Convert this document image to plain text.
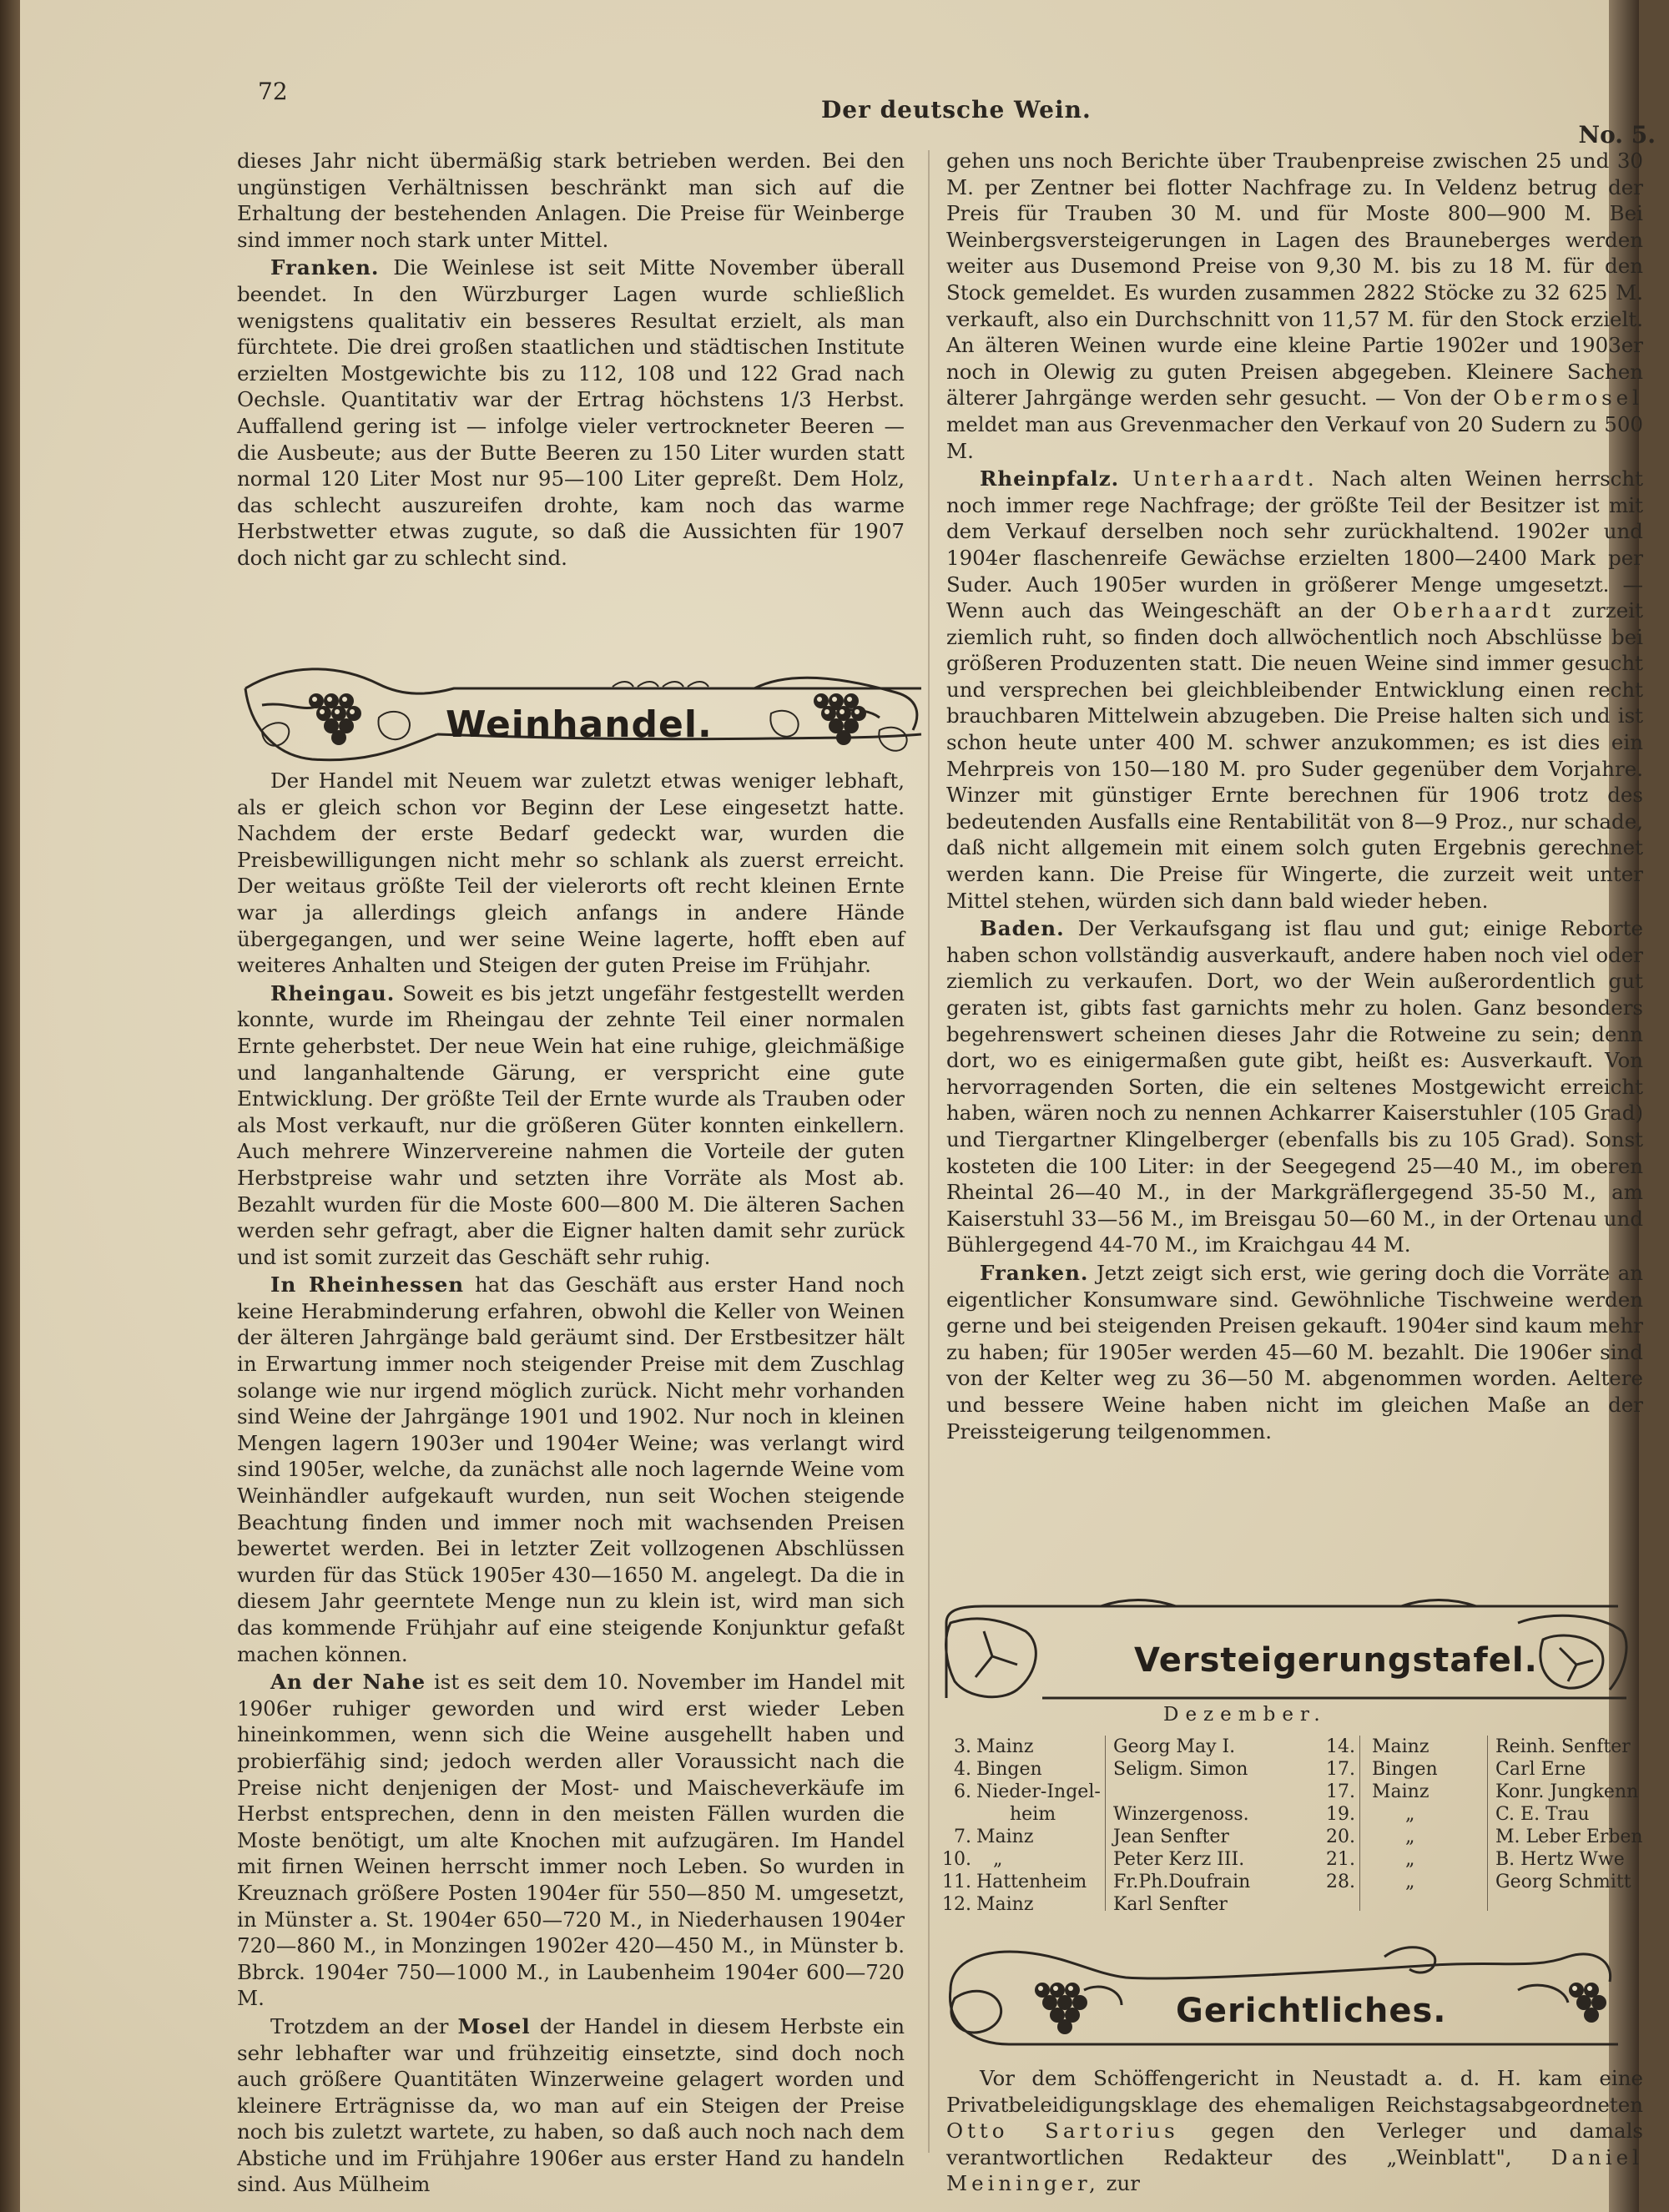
72
Der deutsche Wein.
No. 5.

dieses Jahr nicht übermäßig stark betrieben werden. Bei den ungünstigen Verhältnissen beschränkt man sich auf die Erhaltung der bestehenden Anlagen. Die Preise für Weinberge sind immer noch stark unter Mittel.

Franken. Die Weinlese ist seit Mitte November überall beendet. In den Würzburger Lagen wurde schließlich wenigstens qualitativ ein besseres Resultat erzielt, als man fürchtete. Die drei großen staatlichen und städtischen Institute erzielten Mostgewichte bis zu 112, 108 und 122 Grad nach Oechsle. Quantitativ war der Ertrag höchstens 1/3 Herbst. Auffallend gering ist — infolge vieler vertrockneter Beeren — die Ausbeute; aus der Butte Beeren zu 150 Liter wurden statt normal 120 Liter Most nur 95—100 Liter gepreßt. Dem Holz, das schlecht auszureifen drohte, kam noch das warme Herbstwetter etwas zugute, so daß die Aussichten für 1907 doch nicht gar zu schlecht sind.

Weinhandel.

Der Handel mit Neuem war zuletzt etwas weniger lebhaft, als er gleich schon vor Beginn der Lese eingesetzt hatte. Nachdem der erste Bedarf gedeckt war, wurden die Preisbewilligungen nicht mehr so schlank als zuerst erreicht. Der weitaus größte Teil der vielerorts oft recht kleinen Ernte war ja allerdings gleich anfangs in andere Hände übergegangen, und wer seine Weine lagerte, hofft eben auf weiteres Anhalten und Steigen der guten Preise im Frühjahr.

Rheingau. Soweit es bis jetzt ungefähr festgestellt werden konnte, wurde im Rheingau der zehnte Teil einer normalen Ernte geherbstet. Der neue Wein hat eine ruhige, gleichmäßige und langanhaltende Gärung, er verspricht eine gute Entwicklung. Der größte Teil der Ernte wurde als Trauben oder als Most verkauft, nur die größeren Güter konnten einkellern. Auch mehrere Winzervereine nahmen die Vorteile der guten Herbstpreise wahr und setzten ihre Vorräte als Most ab. Bezahlt wurden für die Moste 600—800 M. Die älteren Sachen werden sehr gefragt, aber die Eigner halten damit sehr zurück und ist somit zurzeit das Geschäft sehr ruhig.

In Rheinhessen hat das Geschäft aus erster Hand noch keine Herabminderung erfahren, obwohl die Keller von Weinen der älteren Jahrgänge bald geräumt sind. Der Erstbesitzer hält in Erwartung immer noch steigender Preise mit dem Zuschlag solange wie nur irgend möglich zurück. Nicht mehr vorhanden sind Weine der Jahrgänge 1901 und 1902. Nur noch in kleinen Mengen lagern 1903er und 1904er Weine; was verlangt wird sind 1905er, welche, da zunächst alle noch lagernde Weine vom Weinhändler aufgekauft wurden, nun seit Wochen steigende Beachtung finden und immer noch mit wachsenden Preisen bewertet werden. Bei in letzter Zeit vollzogenen Abschlüssen wurden für das Stück 1905er 430—1650 M. angelegt. Da die in diesem Jahr geerntete Menge nun zu klein ist, wird man sich das kommende Frühjahr auf eine steigende Konjunktur gefaßt machen können.

An der Nahe ist es seit dem 10. November im Handel mit 1906er ruhiger geworden und wird erst wieder Leben hineinkommen, wenn sich die Weine ausgehellt haben und probierfähig sind; jedoch werden aller Voraussicht nach die Preise nicht denjenigen der Most- und Maischeverkäufe im Herbst entsprechen, denn in den meisten Fällen wurden die Moste benötigt, um alte Knochen mit aufzugären. Im Handel mit firnen Weinen herrscht immer noch Leben. So wurden in Kreuznach größere Posten 1904er für 550—850 M. umgesetzt, in Münster a. St. 1904er 650—720 M., in Niederhausen 1904er 720—860 M., in Monzingen 1902er 420—450 M., in Münster b. Bbrck. 1904er 750—1000 M., in Laubenheim 1904er 600—720 M.

Trotzdem an der Mosel der Handel in diesem Herbste ein sehr lebhafter war und frühzeitig einsetzte, sind doch noch auch größere Quantitäten Winzerweine gelagert worden und kleinere Erträgnisse da, wo man auf ein Steigen der Preise noch bis zuletzt wartete, zu haben, so daß auch noch nach dem Abstiche und im Frühjahre 1906er aus erster Hand zu handeln sind. Aus Mülheim

gehen uns noch Berichte über Traubenpreise zwischen 25 und 30 M. per Zentner bei flotter Nachfrage zu. In Veldenz betrug der Preis für Trauben 30 M. und für Moste 800—900 M. Bei Weinbergsversteigerungen in Lagen des Brauneberges werden weiter aus Dusemond Preise von 9,30 M. bis zu 18 M. für den Stock gemeldet. Es wurden zusammen 2822 Stöcke zu 32 625 M. verkauft, also ein Durchschnitt von 11,57 M. für den Stock erzielt. An älteren Weinen wurde eine kleine Partie 1902er und 1903er noch in Olewig zu guten Preisen abgegeben. Kleinere Sachen älterer Jahrgänge werden sehr gesucht. — Von der Obermosel meldet man aus Grevenmacher den Verkauf von 20 Sudern zu 500 M.

Rheinpfalz. Unterhaardt. Nach alten Weinen herrscht noch immer rege Nachfrage; der größte Teil der Besitzer ist mit dem Verkauf derselben noch sehr zurückhaltend. 1902er und 1904er flaschenreife Gewächse erzielten 1800—2400 Mark per Suder. Auch 1905er wurden in größerer Menge umgesetzt. — Wenn auch das Weingeschäft an der Oberhaardt zurzeit ziemlich ruht, so finden doch allwöchentlich noch Abschlüsse bei größeren Produzenten statt. Die neuen Weine sind immer gesucht und versprechen bei gleichbleibender Entwicklung einen recht brauchbaren Mittelwein abzugeben. Die Preise halten sich und ist schon heute unter 400 M. schwer anzukommen; es ist dies ein Mehrpreis von 150—180 M. pro Suder gegenüber dem Vorjahre. Winzer mit günstiger Ernte berechnen für 1906 trotz des bedeutenden Ausfalls eine Rentabilität von 8—9 Proz., nur schade, daß nicht allgemein mit einem solch guten Ergebnis gerechnet werden kann. Die Preise für Wingerte, die zurzeit weit unter Mittel stehen, würden sich dann bald wieder heben.

Baden. Der Verkaufsgang ist flau und gut; einige Reborte haben schon vollständig ausverkauft, andere haben noch viel oder ziemlich zu verkaufen. Dort, wo der Wein außerordentlich gut geraten ist, gibts fast garnichts mehr zu holen. Ganz besonders begehrenswert scheinen dieses Jahr die Rotweine zu sein; denn dort, wo es einigermaßen gute gibt, heißt es: Ausverkauft. Von hervorragenden Sorten, die ein seltenes Mostgewicht erreicht haben, wären noch zu nennen Achkarrer Kaiserstuhler (105 Grad) und Tiergartner Klingelberger (ebenfalls bis zu 105 Grad). Sonst kosteten die 100 Liter: in der Seegegend 25—40 M., im oberen Rheintal 26—40 M., in der Markgräflergegend 35-50 M., am Kaiserstuhl 33—56 M., im Breisgau 50—60 M., in der Ortenau und Bühlergegend 44-70 M., im Kraichgau 44 M.

Franken. Jetzt zeigt sich erst, wie gering doch die Vorräte an eigentlicher Konsumware sind. Gewöhnliche Tischweine werden gerne und bei steigenden Preisen gekauft. 1904er sind kaum mehr zu haben; für 1905er werden 45—60 M. bezahlt. Die 1906er sind von der Kelter weg zu 36—50 M. abgenommen worden. Aeltere und bessere Weine haben nicht im gleichen Maße an der Preissteigerung teilgenommen.

Versteigerungstafel.
Dezember.
3.
4.
6.
7.
10.
11.
12.
Mainz
Bingen
Nieder-Ingel-
heim
Mainz
„
Hattenheim
Mainz
Georg May I.
Seligm. Simon
Winzergenoss.
Jean Senfter
Peter Kerz III.
Fr.Ph.Doufrain
Karl Senfter
14.
17.
17.
19.
20.
21.
28.
Mainz
Bingen
Mainz
„
„
„
„
Reinh. Senfter
Carl Erne
Konr. Jungkenn
C. E. Trau
M. Leber Erben
B. Hertz Wwe
Georg Schmitt
Gerichtliches.

Vor dem Schöffengericht in Neustadt a. d. H. kam eine Privatbeleidigungsklage des ehemaligen Reichstagsabgeordneten Otto Sartorius gegen den Verleger und damals verantwortlichen Redakteur des „Weinblatt", Daniel Meininger, zur
